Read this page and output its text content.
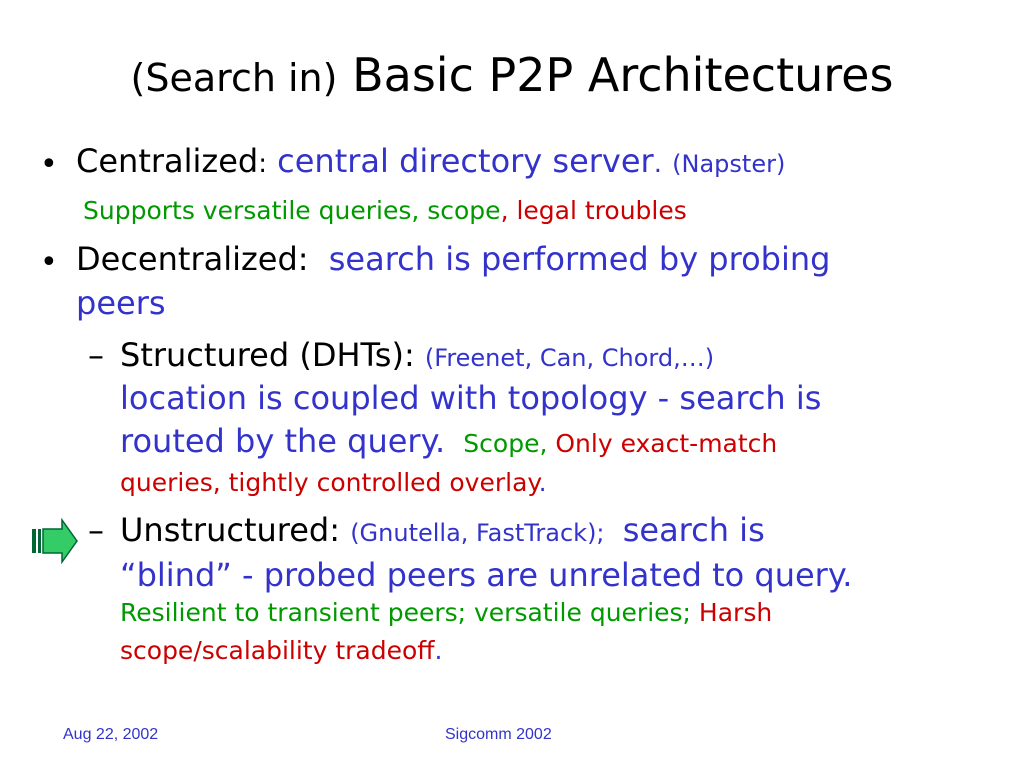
(Search in) Basic P2P Architectures
• Centralized: central directory server. (Napster)
Supports versatile queries, scope, legal troubles
• Decentralized: search is performed by probing
peers
– Structured (DHTs): (Freenet, Can, Chord,…)
location is coupled with topology - search is
routed by the query. Scope, Only exact-match
queries, tightly controlled overlay.
– Unstructured: (Gnutella, FastTrack); search is
“blind” - probed peers are unrelated to query.
Resilient to transient peers; versatile queries; Harsh
scope/scalability tradeoff.
Aug 22, 2002	Sigcomm 2002
